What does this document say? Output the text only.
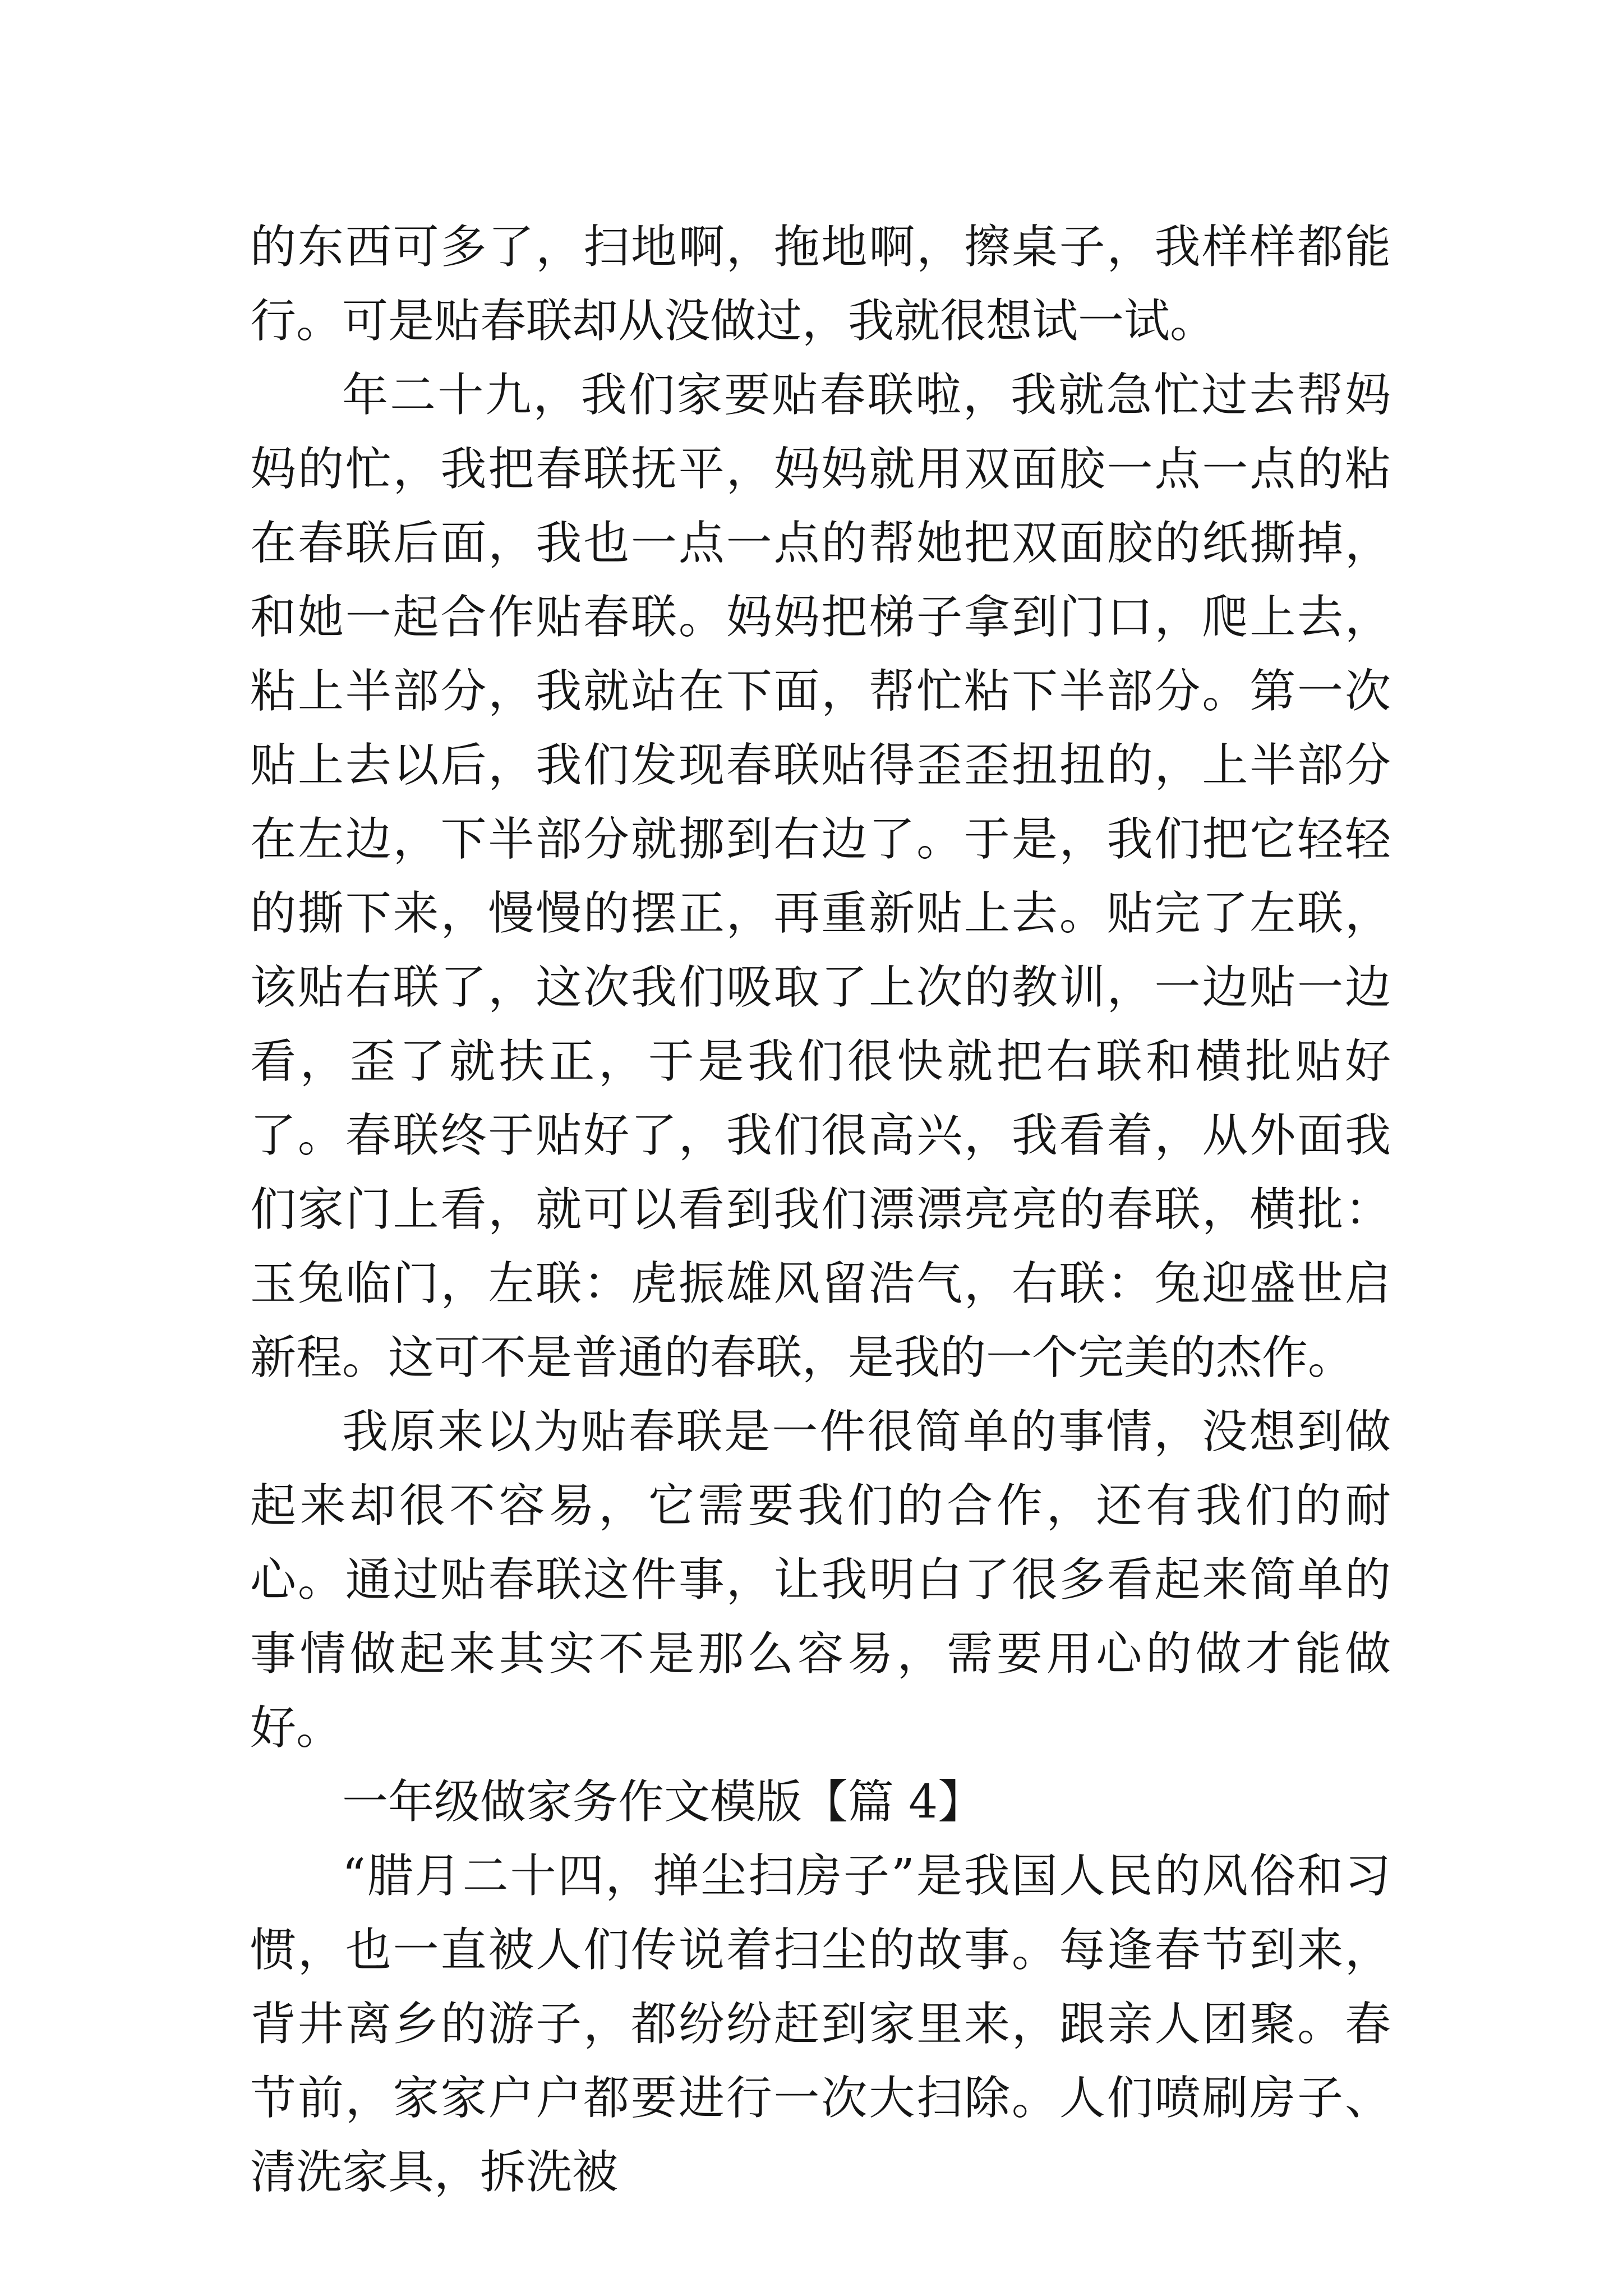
的东西可多了，扫地啊，拖地啊，擦桌子，我样样都能行。可是贴春联却从没做过，我就很想试一试。

年二十九，我们家要贴春联啦，我就急忙过去帮妈妈的忙，我把春联抚平，妈妈就用双面胶一点一点的粘在春联后面，我也一点一点的帮她把双面胶的纸撕掉，和她一起合作贴春联。妈妈把梯子拿到门口，爬上去，粘上半部分，我就站在下面，帮忙粘下半部分。第一次贴上去以后，我们发现春联贴得歪歪扭扭的，上半部分在左边，下半部分就挪到右边了。于是，我们把它轻轻的撕下来，慢慢的摆正，再重新贴上去。贴完了左联，该贴右联了，这次我们吸取了上次的教训，一边贴一边看，歪了就扶正，于是我们很快就把右联和横批贴好了。春联终于贴好了，我们很高兴，我看着，从外面我们家门上看，就可以看到我们漂漂亮亮的春联，横批：玉兔临门，左联：虎振雄风留浩气，右联：兔迎盛世启新程。这可不是普通的春联，是我的一个完美的杰作。

我原来以为贴春联是一件很简单的事情，没想到做起来却很不容易，它需要我们的合作，还有我们的耐心。通过贴春联这件事，让我明白了很多看起来简单的事情做起来其实不是那么容易，需要用心的做才能做好。

一年级做家务作文模版【篇 4】

“腊月二十四，掸尘扫房子”是我国人民的风俗和习惯，也一直被人们传说着扫尘的故事。每逢春节到来，背井离乡的游子，都纷纷赶到家里来，跟亲人团聚。春节前，家家户户都要进行一次大扫除。人们喷刷房子、清洗家具，拆洗被
